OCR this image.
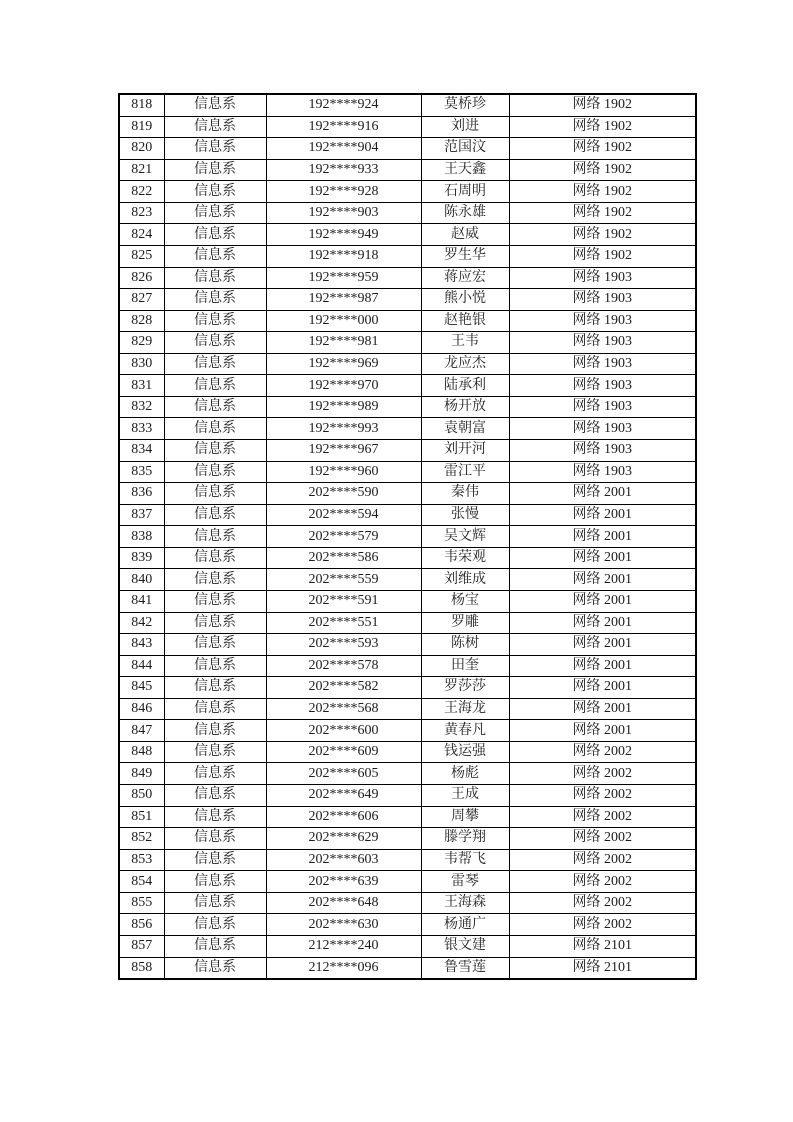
818	信息系	192****924	莫桥珍	网络 1902
819	信息系	192****916	刘进	网络 1902
820	信息系	192****904	范国汶	网络 1902
821	信息系	192****933	王天鑫	网络 1902
822	信息系	192****928	石周明	网络 1902
823	信息系	192****903	陈永雄	网络 1902
824	信息系	192****949	赵威	网络 1902
825	信息系	192****918	罗生华	网络 1902
826	信息系	192****959	蒋应宏	网络 1903
827	信息系	192****987	熊小悦	网络 1903
828	信息系	192****000	赵艳银	网络 1903
829	信息系	192****981	王韦	网络 1903
830	信息系	192****969	龙应杰	网络 1903
831	信息系	192****970	陆承利	网络 1903
832	信息系	192****989	杨开放	网络 1903
833	信息系	192****993	袁朝富	网络 1903
834	信息系	192****967	刘开河	网络 1903
835	信息系	192****960	雷江平	网络 1903
836	信息系	202****590	秦伟	网络 2001
837	信息系	202****594	张慢	网络 2001
838	信息系	202****579	吴文辉	网络 2001
839	信息系	202****586	韦荣观	网络 2001
840	信息系	202****559	刘维成	网络 2001
841	信息系	202****591	杨宝	网络 2001
842	信息系	202****551	罗雕	网络 2001
843	信息系	202****593	陈树	网络 2001
844	信息系	202****578	田奎	网络 2001
845	信息系	202****582	罗莎莎	网络 2001
846	信息系	202****568	王海龙	网络 2001
847	信息系	202****600	黄春凡	网络 2001
848	信息系	202****609	钱运强	网络 2002
849	信息系	202****605	杨彪	网络 2002
850	信息系	202****649	王成	网络 2002
851	信息系	202****606	周攀	网络 2002
852	信息系	202****629	滕学翔	网络 2002
853	信息系	202****603	韦帮飞	网络 2002
854	信息系	202****639	雷琴	网络 2002
855	信息系	202****648	王海森	网络 2002
856	信息系	202****630	杨通广	网络 2002
857	信息系	212****240	银文建	网络 2101
858	信息系	212****096	鲁雪莲	网络 2101
